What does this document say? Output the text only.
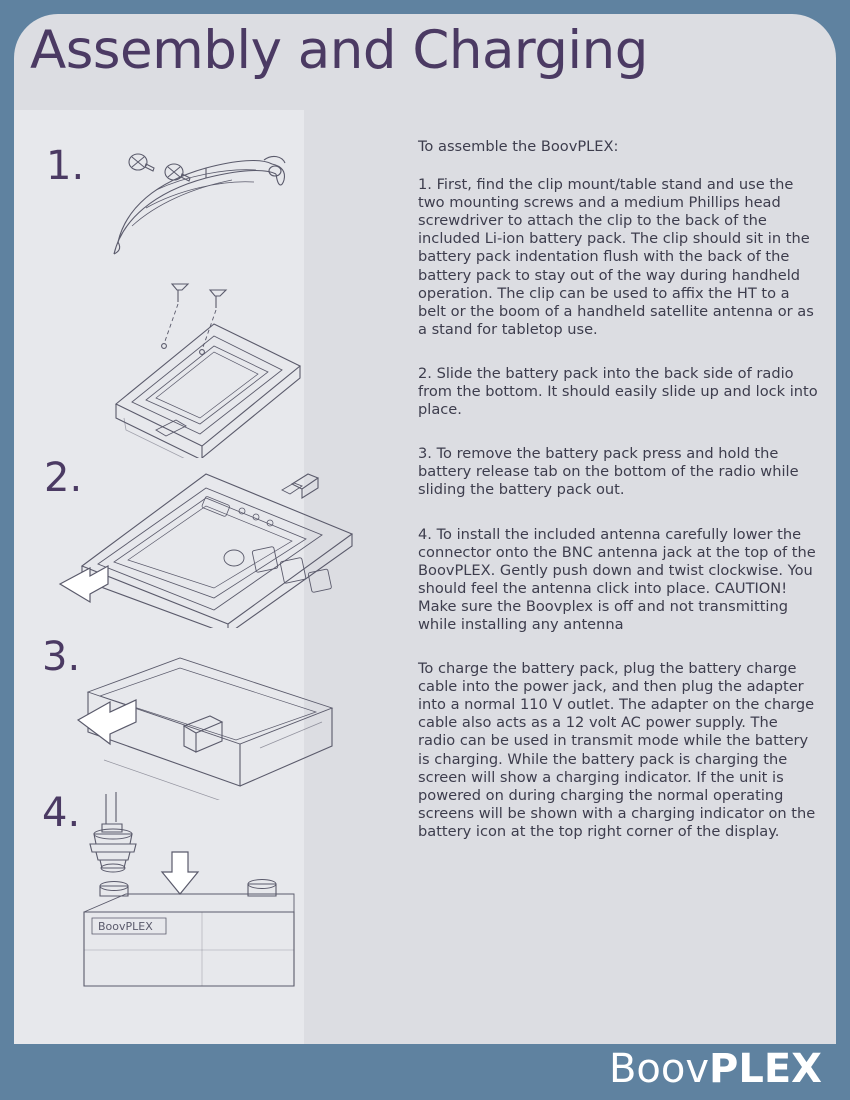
Assembly and Charging
1.
2.
3.
4.
BoovPLEX

To assemble the BoovPLEX:

1. First, find the clip mount/table stand and use the two mounting screws and a medium Phillips head screwdriver to attach the clip to the back of the included Li-ion battery pack. The clip should sit in the battery pack indentation flush with the back of the battery pack to stay out of the way during handheld operation. The clip can be used to affix the HT to a belt or the boom of a handheld satellite antenna or as a stand for tabletop use.

2. Slide the battery pack into the back side of radio from the bottom. It should easily slide up and lock into place.

3. To remove the battery pack press and hold the battery release tab on the bottom of the radio while sliding the battery pack out.

4. To install the included antenna carefully lower the connector onto the BNC antenna jack at the top of the BoovPLEX. Gently push down and twist clockwise. You should feel the antenna click into place. CAUTION! Make sure the Boovplex is off and not transmitting while installing any antenna

To charge the battery pack, plug the battery charge cable into the power jack, and then plug the adapter into a normal 110 V outlet. The adapter on the charge cable also acts as a 12 volt AC power supply. The radio can be used in transmit mode while the battery is charging. While the battery pack is charging the screen will show a charging indicator. If the unit is powered on during charging the normal operating screens will be shown with a charging indicator on the battery icon at the top right corner of the display.

BoovPLEX
